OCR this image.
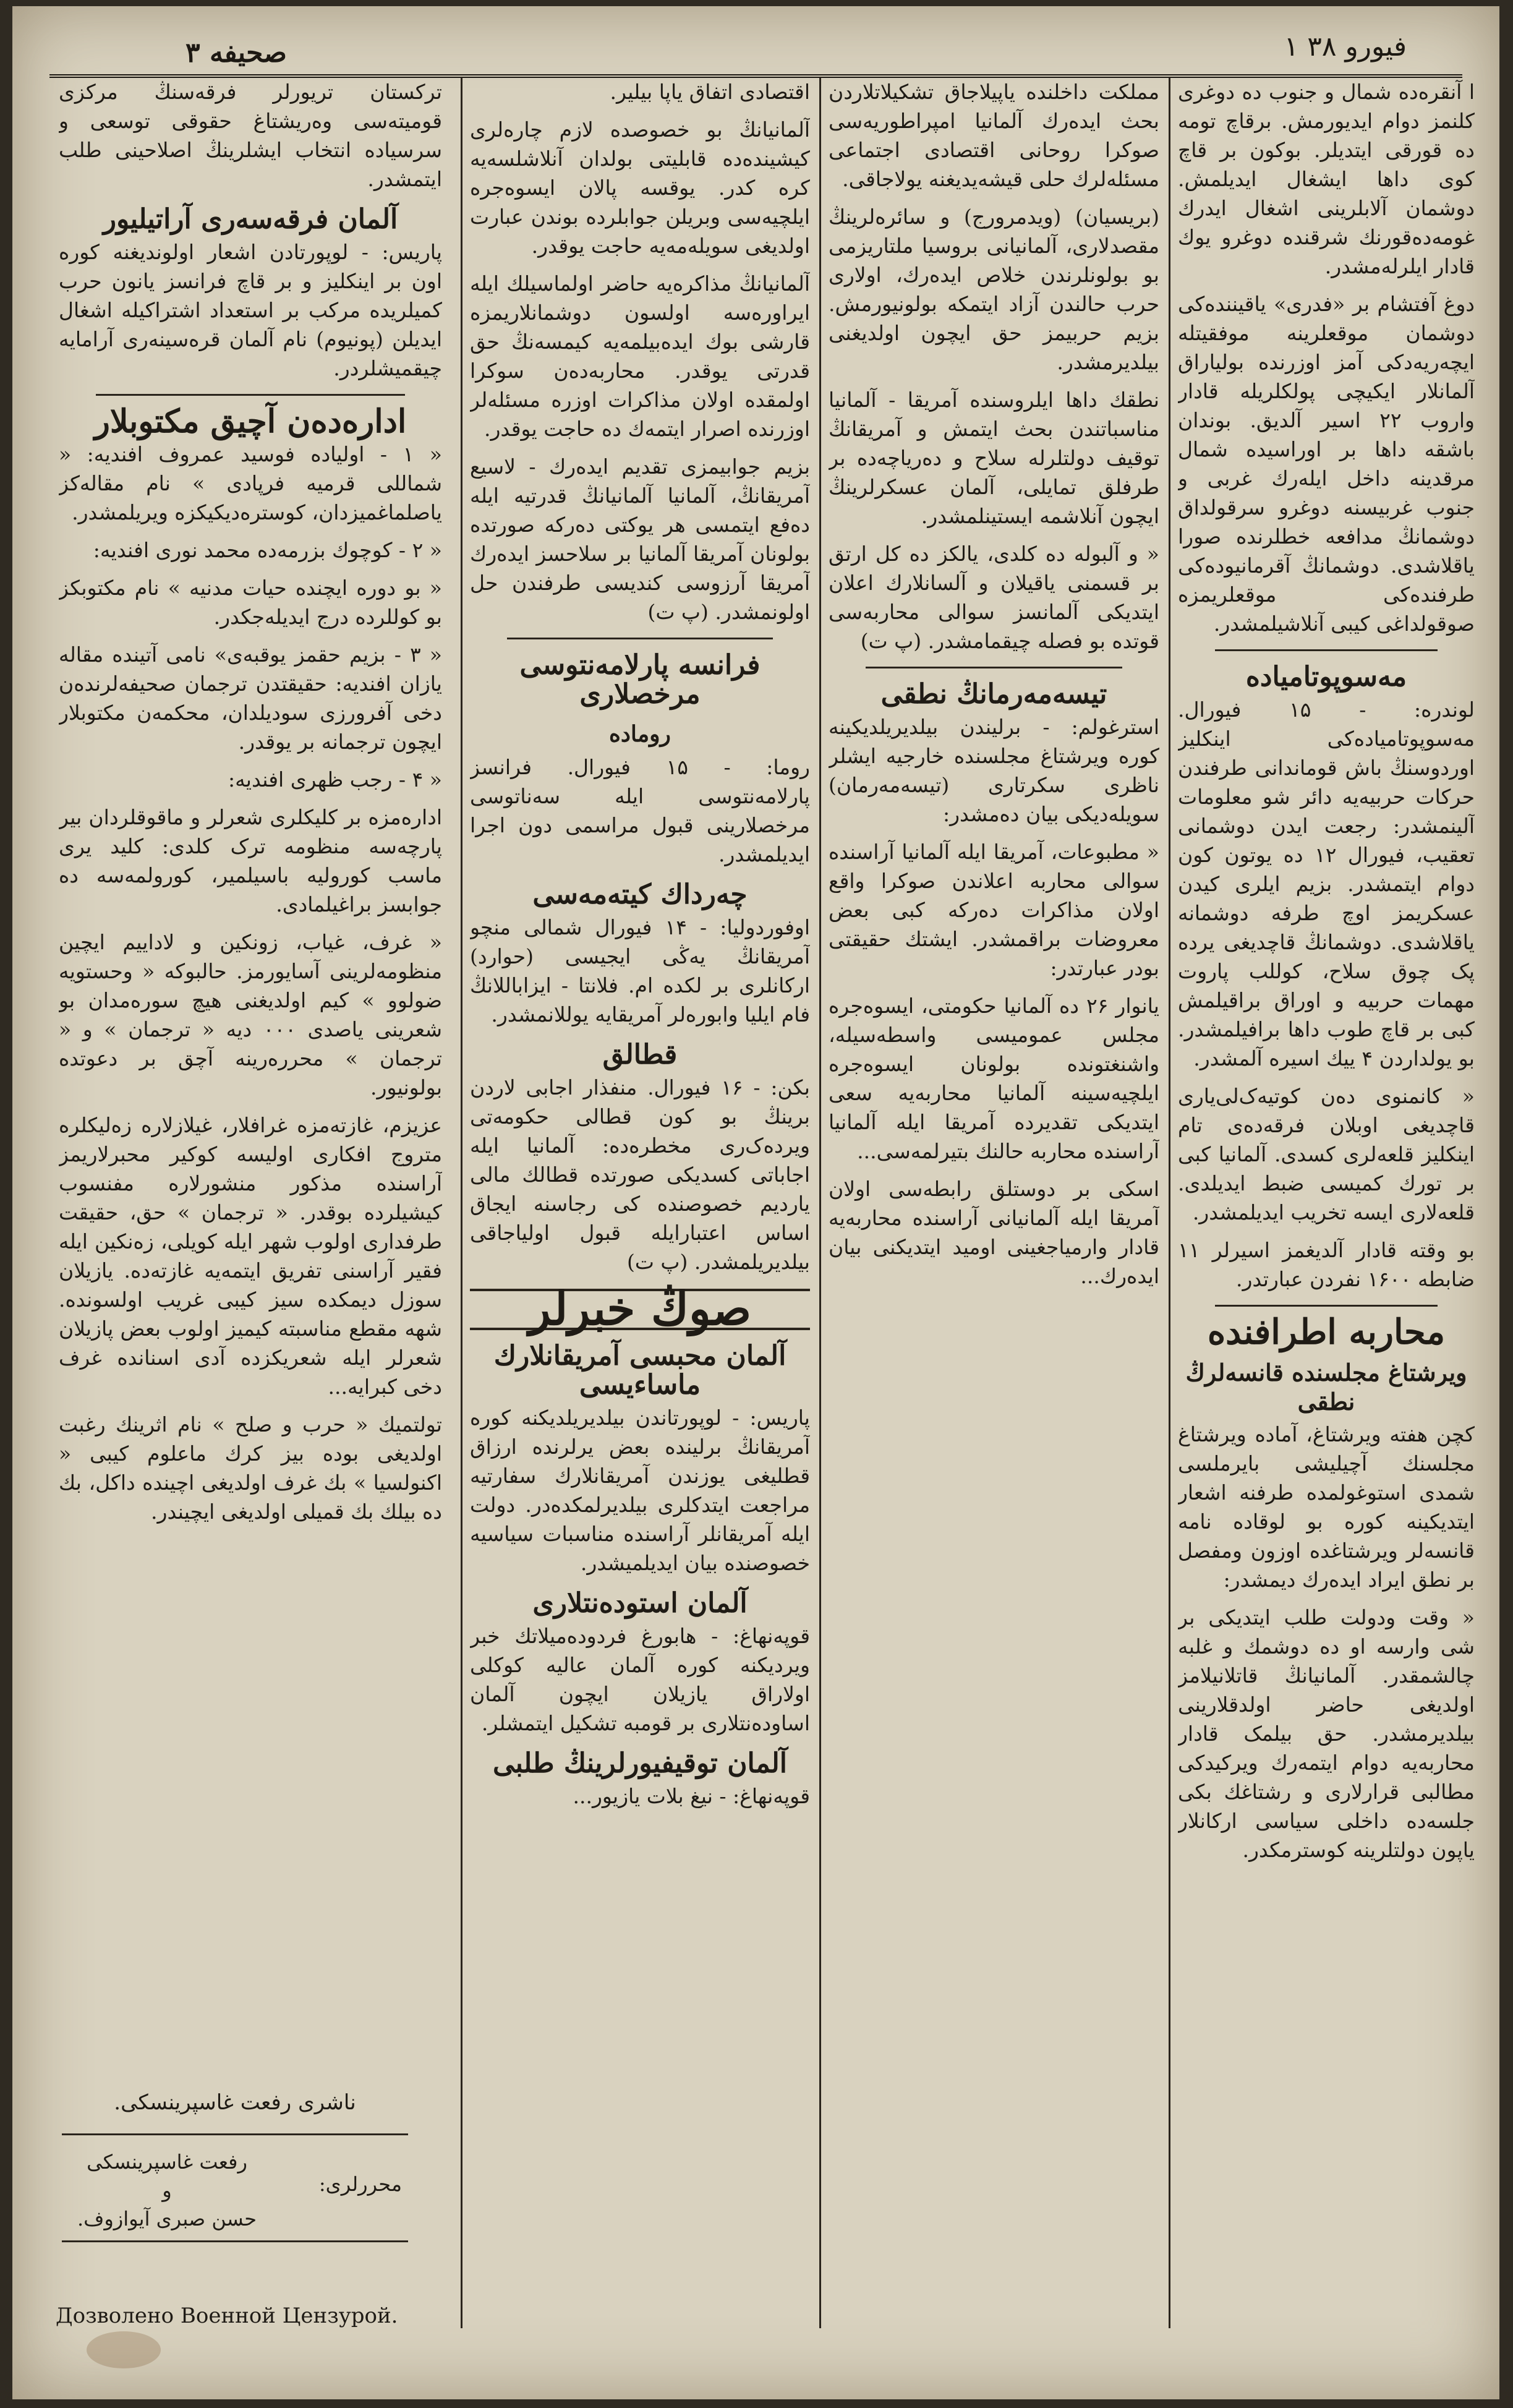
۳ صحیفه	۱ فیورو ۳۸

ا آنقره‌ده شمال و جنوب ده دوغری کلنمز دوام ایدیورمش. برقاچ تومه ده قورقی ایتدیلر. بوکون بر قاچ کوی داها ایشغال ایدیلمش. دوشمان آلابلرینی اشغال ایدرك غومه‌ده‌قورنك شرقنده دوغرو یوك قادار ایلرله‌مشدر.

دوغ آفتشام بر «فدری» یاقیننده‌کی دوشمان موقعلرینه موفقیتله ایچه‌ریه‌دکی آمز اوزرنده بولیاراق آلمانلار ایکیچی پولکلریله قادار واروب ۲۲ اسیر آلدیق. بوندان باشقه داها بر اوراسیده شمال مرقدینه داخل ایله‌رك غربی و جنوب غربیسنه دوغرو سرقولداق دوشمانڭ مدافعه خطلرنده صورا یاقلاشدی. دوشمانڭ آقرمانیوده‌کی طرفنده‌کی موقعلریمزه صوقولداغی کیبی آنلاشیلمشدر.

مه‌سوپوتامیاده

لوندره: - ۱۵ فیورال. مه‌سوپوتامیاده‌کی اینکلیز اوردوسنڭ باش قوماندانی طرفندن حرکات حربیه‌یه دائر شو معلومات آلینمشدر: رجعت ایدن دوشمانی تعقیب، فیورال ۱۲ ده یوتون کون دوام ایتمشدر. بزیم ایلری کیدن عسکریمز اوچ طرفه دوشمانه یاقلاشدی. دوشمانڭ قاچدیغی یرده پک چوق سلاح، کوللب پاروت مهمات حربیه و اوراق براقیلمش کبی بر قاچ طوب داها برافیلمشدر. بو یولداردن ۴ ییك اسیره آلمشدر.

« کانمنوی ده‌ن کوتیه‌ک‌لی‌یاری قاچدیغی اوبلان فرقه‌ده‌ی تام اینکلیز قلعه‌لری کسدی. آلمانیا کبی بر تورك کمیسی ضبط ایدیلدی. قلعه‌لاری ایسه تخریب ایدیلمشدر.

بو وقته قادار آلدیغمز اسیرلر ۱۱ ضابطه ۱۶۰۰ نفردن عبارتدر.

محاربه اطرافنده
ویرشتاغ مجلسنده قانسه‌لرڭ نطقی

کچن هفته ویرشتاغ، آماده ویرشتاغ مجلسنك آچیلیشی بایرملسی شمدی استوغولمده طرفنه اشعار ایتدیکینه کوره بو لوقاده نامه قانسه‌لر ویرشتاغده اوزون ومفصل بر نطق ایراد ایده‌رك دیمشدر:

« وقت ودولت طلب ایتدیکی بر شی وارسه او ده دوشمك و غلبه چالشمقدر. آلمانیانڭ قاتلانیلامز اولدیغی حاضر اولدقلارینی بیلدیرمشدر. حق بیلمک قادار محاربه‌یه دوام ایتمه‌رك ویرکیدکی مطالبی قرارلاری و رشتاغك بکی جلسه‌ده داخلی سیاسی ارکانلار یاپون دولتلرینه کوسترمکدر.

مملکت داخلنده یاپیلاجاق تشکیلاتلاردن بحث ایده‌رك آلمانیا امپراطوریه‌سی صوکرا روحانی اقتصادی اجتماعی مسئله‌لرك حلی قیشه‌یدیغنه یولاجاقی.

(بریسیان) (ویدمرورج) و سائره‌لرینڭ مقصدلاری، آلمانیانی بروسیا ملتاریزمی بو بولونلرندن خلاص ایده‌رك، اولاری حرب حالندن آزاد ایتمکه بولونیورمش. بزیم حربیمز حق ایچون اولدیغنی بیلدیرمشدر.

نطقك داها ایلروسنده آمریقا - آلمانیا مناسباتندن بحث ایتمش و آمریقانڭ توقیف دولتلرله سلاح و ده‌ریاچه‌ده بر طرفلق تمایلی، آلمان عسکرلرینڭ ایچون آنلاشمه ایستینلمشدر.

« و آلبوله ده کلدی، یالکز ده کل ارتق بر قسمنی یاقیلان و آلسانلارك اعلان ایتدیکی آلمانسز سوالی محاربه‌سی قوتده بو فصله چیقمامشدر. (پ ت)

تیسه‌مه‌رمانڭ نطقی

استرغولم: - برلیندن بیلدیریلدیکینه کوره ویرشتاغ مجلسنده خارجیه ایشلر ناظری سکرتاری (تیسه‌مه‌رمان) سویله‌دیکی بیان ده‌مشدر:

« مطبوعات، آمریقا ایله آلمانیا آراسنده سوالی محاربه اعلاندن صوکرا واقع اولان مذاکرات ده‌رکه کبی بعض معروضات براقمشدر. ایشتك حقیقتی بودر عبارتدر:

یانوار ۲۶ ده آلمانیا حکومتی، ایسوه‌جره مجلس عمومیسی واسطه‌سیله، واشنغتونده بولونان ایسوه‌جره ایلچیه‌سینه آلمانیا محاربه‌یه سعی ایتدیکی تقدیرده آمریقا ایله آلمانیا آراسنده محاربه حالنك بتیرلمه‌سی...

اسکی بر دوستلق رابطه‌سی اولان آمریقا ایله آلمانیانی آراسنده محاربه‌یه قادار وارمیاجغینی اومید ایتدیکنی بیان ایده‌رك...

اقتصادی اتفاق یاپا بیلیر.

آلمانیانڭ بو خصوصده لازم چاره‌لری کیشینده‌ده قابلیتی بولدان آنلاشلسه‌یه کره کدر. یوقسه پالان ایسوه‌جره ایلچیه‌سی وبریلن جوابلرده بوندن عبارت اولدیغی سویله‌مه‌یه حاجت یوقدر.

آلمانیانڭ مذاکره‌یه حاضر اولماسیلك ایله ایراوره‌سه اولسون دوشمانلاریمزه قارشی بوك ایده‌بیلمه‌یه کیمسه‌نڭ حق قدرتی یوقدر. محاربه‌ده‌ن سوکرا اولمقده اولان مذاکرات اوزره مسئله‌لر اوزرنده اصرار ایتمه‌ك ده حاجت یوقدر.

بزیم جوابیمزی تقدیم ایده‌رك - لاسیع آمریقانڭ، آلمانیا آلمانیانڭ قدرتیه ایله ده‌فع ایتمسی هر یوکتی ده‌رکه صورتده بولونان آمریقا آلمانیا بر سلاحسز ایده‌رك آمریقا آرزوسی کندیسی طرفندن حل اولونمشدر. (پ ت)

فرانسه پارلامه‌نتوسی مرخصلاری
روماده

روما: - ۱۵ فیورال. فرانسز پارلامه‌نتوسی ایله سه‌ناتوسی مرخصلارینی قبول مراسمی دون اجرا ایدیلمشدر.

چه‌رداك کیته‌مه‌سی

اوفوردوليا: - ۱۴ فیورال شمالی منچو آمریقانڭ یه‌ڭی ایجیسی (حوارد) ارکانلری بر لکده ام. فلانتا - ایزاباللانڭ فام ایلیا وابوره‌لر آمریقایه یوللانمشدر.

قطالق

بکن: - ۱۶ فیورال. منفذار اجابی لاردن برینڭ بو کون قطالی حکومه‌تی ویرده‌ک‌ری مخطره‌ده: آلمانیا ایله اجاباتی کسدیکی صورتده قطالك مالی یاردیم خصوصنده کی رجاسنه ایجاق اساس اعتبارایله قبول اولیاجاقی بیلدیریلمشدر. (پ ت)

صوڭ خبرلر
آلمان محبسی آمریقانلارك ماساءیسی

پاریس: - لوپورتاندن بیلدیریلدیکنه کوره آمریقانڭ برلینده بعض یرلرنده ارزاق قطلیغی یوزندن آمریقانلارك سفارتیه مراجعت ایتدکلری بیلدیرلمکده‌در. دولت ایله آمریقانلر آراسنده مناسبات سیاسیه خصوصنده بیان ایدیلمیشدر.

آلمان استوده‌نتلاری

قوپه‌نهاغ: - هابورغ فردوده‌میلاتك خبر ویردیکنه کوره آلمان عالیه کوکلی اولاراق یازیلان ایچون آلمان اساوده‌نتلاری بر قومبه تشکیل ایتمشلر.

آلمان توقیفیورلرینڭ طلبی

قوپه‌نهاغ: - نیغ بلات یازیور...

ترکستان تریورلر فرقه‌سنڭ مرکزی قومیته‌سی وه‌ریشتاغ حقوقی توسعی و سرسیاده انتخاب ایشلرینڭ اصلاحینی طلب ایتمشدر.

آلمان فرقه‌سه‌ری آراتیلیور

پاریس: - لوپورتادن اشعار اولوندیغنه کوره اون بر اینکلیز و بر قاچ فرانسز یانون حرب کمیلریده مرکب بر استعداد اشتراکیله اشغال ایدیلن (پونیوم) نام آلمان قره‌سینه‌ری آرامایه چیقمیشلردر.

اداره‌ده‌ن آچیق مکتوبلار

« ۱ - اولیاده فوسید عمروف افندیه: « شماللی قرمیه فرپادی » نام مقاله‌کز یاصلماغمیزدان، کوستره‌دیکیکزه ویریلمشدر.

« ۲ - کوچوك بزرمه‌ده محمد نوری افندیه:

« بو دوره ایچنده حیات مدنیه » نام مکتوبکز بو کوللرده درج ایدیله‌جکدر.

« ۳ - بزیم حقمز یوقبه‌ی» نامی آتینده مقاله یازان افندیه: حقیقتدن ترجمان صحیفه‌لرنده‌ن دخی آفرورزی سودیلدان، محکمه‌ن مکتوبلار ایچون ترجمانه بر یوقدر.

« ۴ - رجب ظهری افندیه:

اداره‌مزه بر کلیکلری شعرلر و ماقوقلردان بیر پارچه‌سه منظومه ترک کلدی: کلید یری ماسب کورولیه باسیلمیر، کورولمه‌سه ده جوابسز براغیلمادی.

« غرف، غیاب، زونکین و لاداییم ایچین منظومه‌لرینی آسایورمز. حالبوکه « وحستویه ضولوو » کیم اولدیغنی هیچ سوره‌مدان بو شعرینی یاصدی ۰۰۰ دیه « ترجمان » و « ترجمان » محرره‌رینه آچق بر دعوتده بولونیور.

عزیزم، غازته‌مزه غرافلار، غیلازلاره زه‌لیکلره متروج افکاری اولیسه کوکیر محبرلاریمز آراسنده مذکور منشورلاره مفنسوب کیشیلرده بوقدر. « ترجمان » حق، حقیقت طرفداری اولوب شهر ایله کویلی، زه‌نکین ایله فقیر آراسنی تفریق ایتمه‌یه غازته‌ده. یازیلان سوزل دیمکده سیز کیبی غریب اولسونده. شهه مقطع مناسبته کیمیز اولوب بعض پازیلان شعرلر ایله شعریکزده آدی اسنانده غرف دخی کبرایه...

تولتمیك « حرب و صلح » نام اثرینك رغبت اولدیغی بوده بیز کرك ماعلوم کیبی « اکنولسیا » بك غرف اولدیغی اچینده داکل، بك ده بیلك بك قمیلی اولدیغی ایچیندر.

ناشری رفعت غاسپرینسکی.
محرر‌لری:
رفعت غاسپرینسکی
و
حسن صبری آیوازوف.
Дозволено Военной Цензурой.
